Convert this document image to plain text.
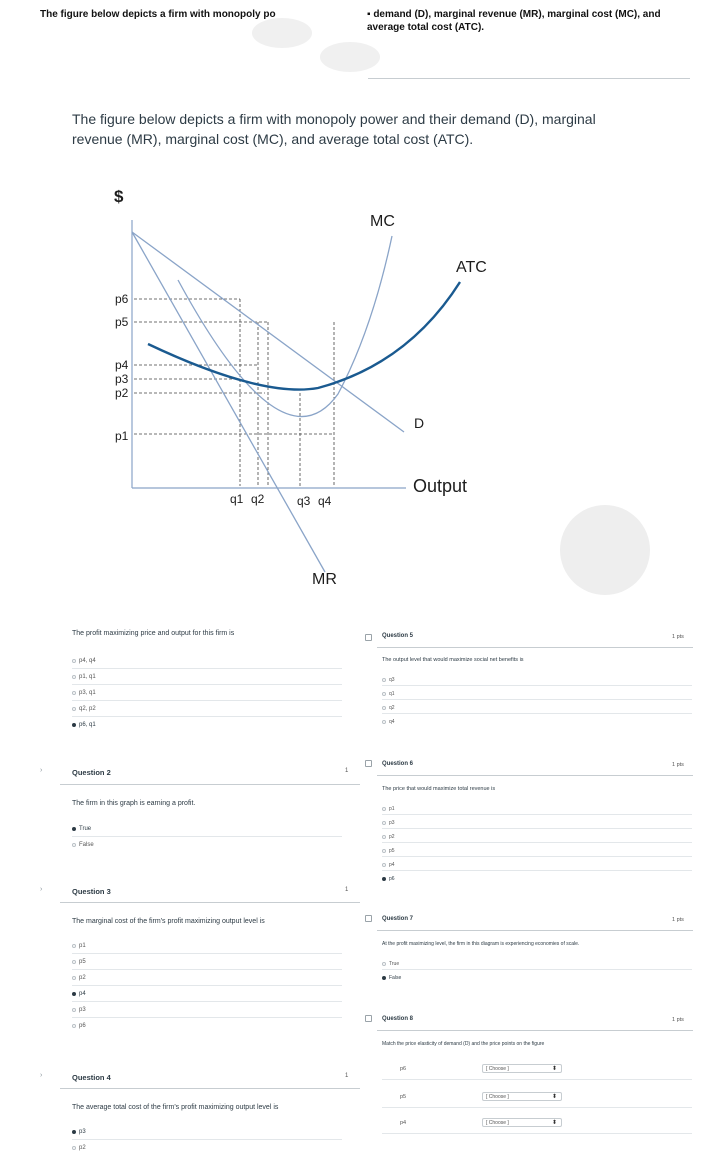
The figure below depicts a firm with monopoly po	▪ demand (D), marginal revenue (MR), marginal cost (MC), and average total cost (ATC).
The figure below depicts a firm with monopoly power and their demand (D), marginal revenue (MR), marginal cost (MC), and average total cost (ATC).
$
Output
p6
p5
p4
p3
p2
p1
MC
ATC
D
MR
q1 q2	q3 q4
The profit maximizing price and output for this firm is
p4, q4
p1, q1
p3, q1
q2, p2
p6, q1
›	Question 2	1
The firm in this graph is earning a profit.
True
False
›	Question 3	1
The marginal cost of the firm's profit maximizing output level is
p1
p5
p2
p4
p3
p6
›	Question 4	1
The average total cost of the firm's profit maximizing output level is
p3
p2
Question 5	1 pts
The output level that would maximize social net benefits is
q3
q1
q2
q4
Question 6	1 pts
The price that would maximize total revenue is
p1
p3
p2
p5
p4
p6
Question 7	1 pts
At the profit maximizing level, the firm in this diagram is experiencing economies of scale.
True
False
Question 8	1 pts
Match the price elasticity of demand (D) and the price points on the figure
p6	[ Choose ]	⬍
p5	[ Choose ]	⬍
p4	[ Choose ]	⬍
